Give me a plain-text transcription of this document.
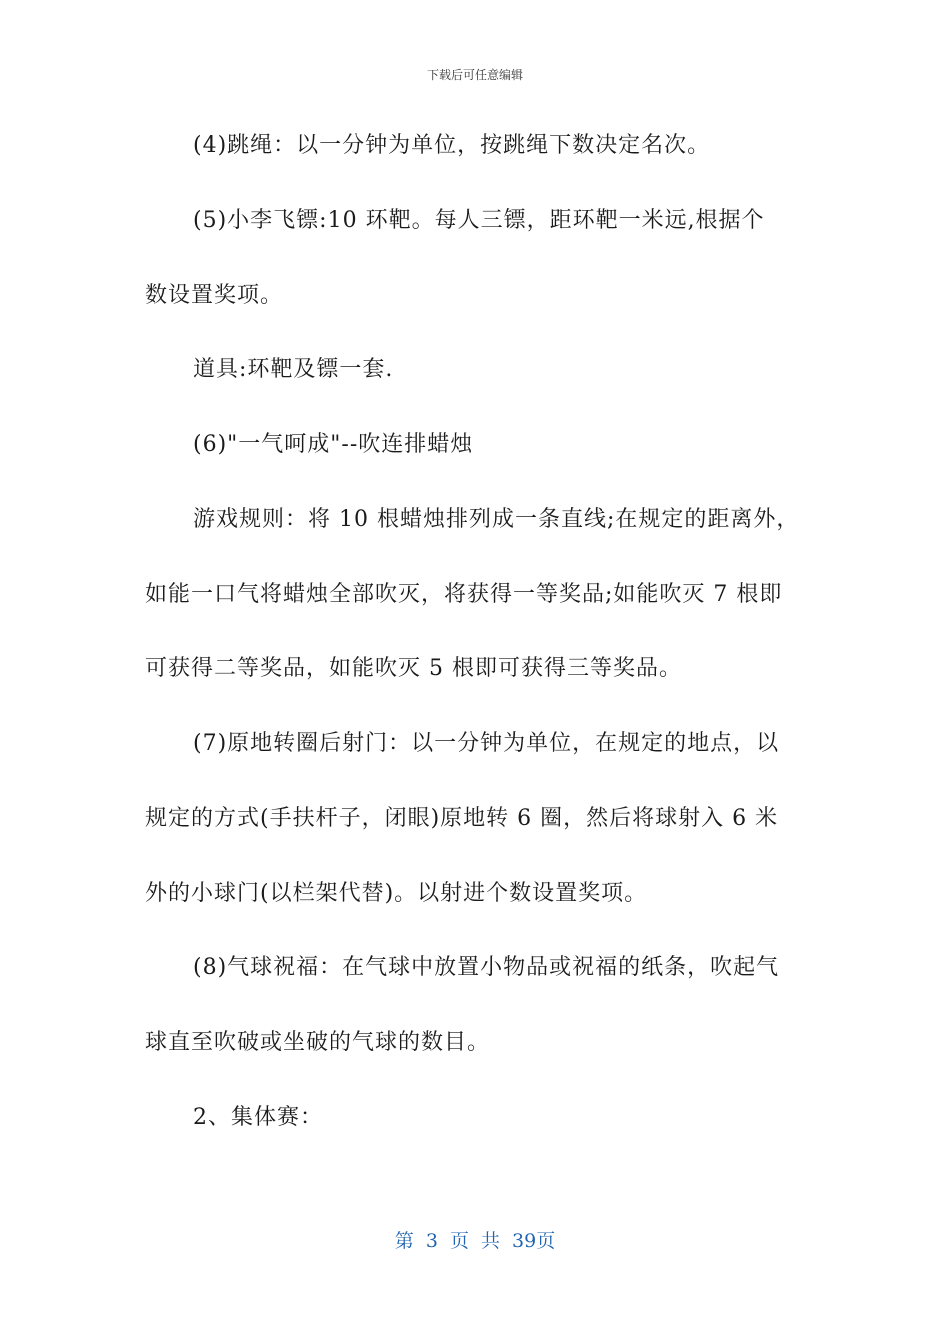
下载后可任意编辑
(4)跳绳：以一分钟为单位，按跳绳下数决定名次。
(5)小李飞镖:10 环靶。每人三镖，距环靶一米远,根据个
数设置奖项。
道具:环靶及镖一套.
(6)"一气呵成"--吹连排蜡烛
游戏规则：将 10 根蜡烛排列成一条直线;在规定的距离外，
如能一口气将蜡烛全部吹灭，将获得一等奖品;如能吹灭 7 根即
可获得二等奖品，如能吹灭 5 根即可获得三等奖品。
(7)原地转圈后射门：以一分钟为单位，在规定的地点，以
规定的方式(手扶杆子，闭眼)原地转 6 圈，然后将球射入 6 米
外的小球门(以栏架代替)。以射进个数设置奖项。
(8)气球祝福：在气球中放置小物品或祝福的纸条，吹起气
球直至吹破或坐破的气球的数目。
2、集体赛：
第 3 页 共 39页
